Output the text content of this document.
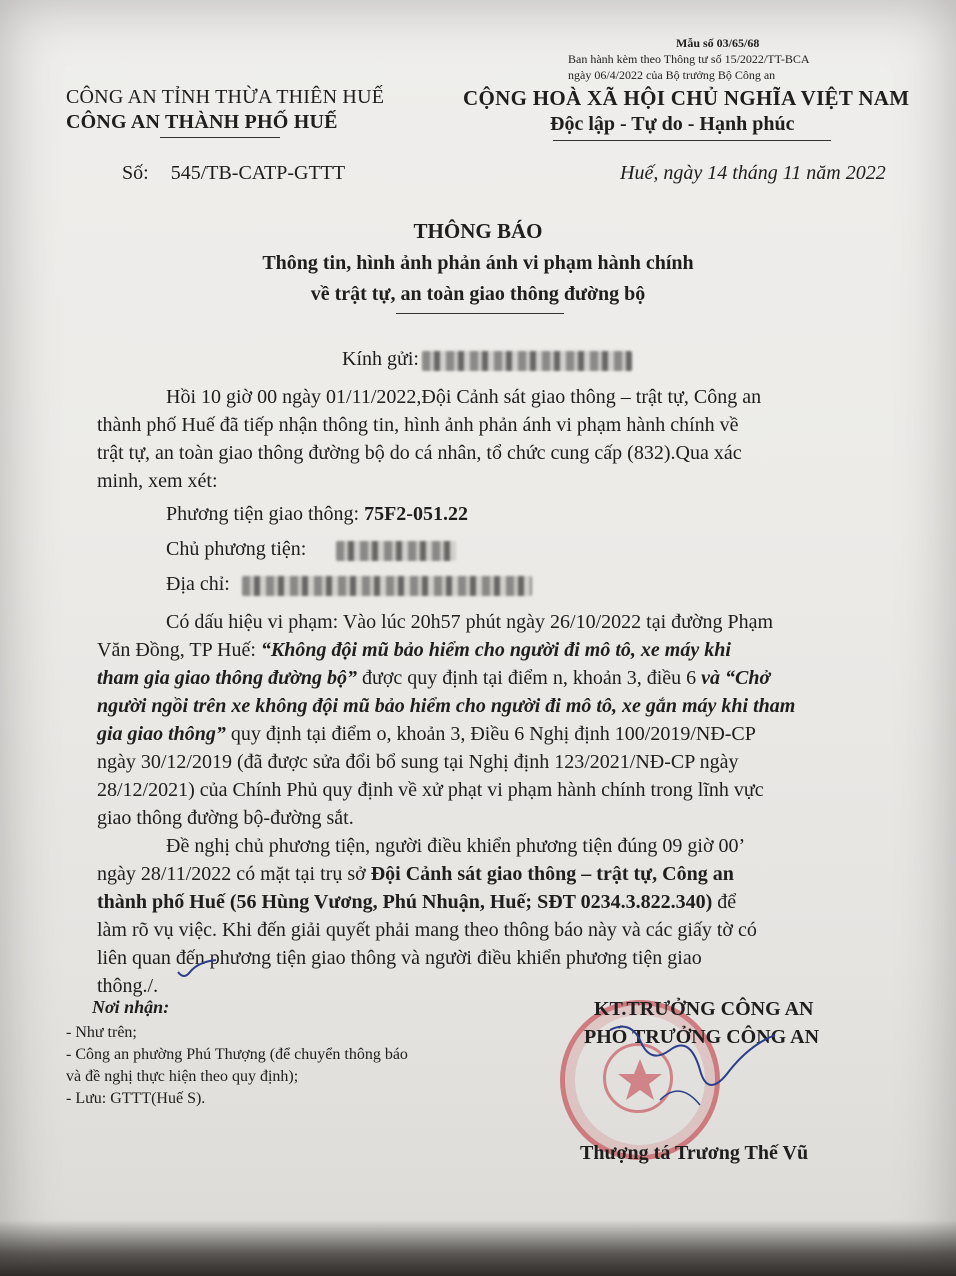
Mẫu số 03/65/68
Ban hành kèm theo Thông tư số 15/2022/TT-BCA
ngày 06/4/2022 của Bộ trưởng Bộ Công an
CÔNG AN TỈNH THỪA THIÊN HUẾ
CÔNG AN THÀNH PHỐ HUẾ
CỘNG HOÀ XÃ HỘI CHỦ NGHĨA VIỆT NAM
Độc lập - Tự do - Hạnh phúc
Số: 545/TB-CATP-GTTT	Huế, ngày 14 tháng 11 năm 2022
THÔNG BÁO
Thông tin, hình ảnh phản ánh vi phạm hành chính
về trật tự, an toàn giao thông đường bộ
Kính gửi:
Hồi 10 giờ 00 ngày 01/11/2022,Đội Cảnh sát giao thông – trật tự, Công an
thành phố Huế đã tiếp nhận thông tin, hình ảnh phản ánh vi phạm hành chính về
trật tự, an toàn giao thông đường bộ do cá nhân, tổ chức cung cấp (832).Qua xác
minh, xem xét:
Phương tiện giao thông: 75F2-051.22
Chủ phương tiện:
Địa chỉ:
Có dấu hiệu vi phạm: Vào lúc 20h57 phút ngày 26/10/2022 tại đường Phạm
Văn Đồng, TP Huế: “Không đội mũ bảo hiểm cho người đi mô tô, xe máy khi
tham gia giao thông đường bộ” được quy định tại điểm n, khoản 3, điều 6 và “Chở
người ngồi trên xe không đội mũ bảo hiểm cho người đi mô tô, xe gắn máy khi tham
gia giao thông” quy định tại điểm o, khoản 3, Điều 6 Nghị định 100/2019/NĐ-CP
ngày 30/12/2019 (đã được sửa đổi bổ sung tại Nghị định 123/2021/NĐ-CP ngày
28/12/2021) của Chính Phủ quy định về xử phạt vi phạm hành chính trong lĩnh vực
giao thông đường bộ-đường sắt.
Đề nghị chủ phương tiện, người điều khiển phương tiện đúng 09 giờ 00’
ngày 28/11/2022 có mặt tại trụ sở Đội Cảnh sát giao thông – trật tự, Công an
thành phố Huế (56 Hùng Vương, Phú Nhuận, Huế; SĐT 0234.3.822.340) để
làm rõ vụ việc. Khi đến giải quyết phải mang theo thông báo này và các giấy tờ có
liên quan đến phương tiện giao thông và người điều khiển phương tiện giao
thông./.
Nơi nhận:
- Như trên;
- Công an phường Phú Thượng (để chuyển thông báo
và đề nghị thực hiện theo quy định);
- Lưu: GTTT(Huế S).
KT.TRƯỞNG CÔNG AN
PHÓ TRƯỞNG CÔNG AN
Thượng tá Trương Thế Vũ
